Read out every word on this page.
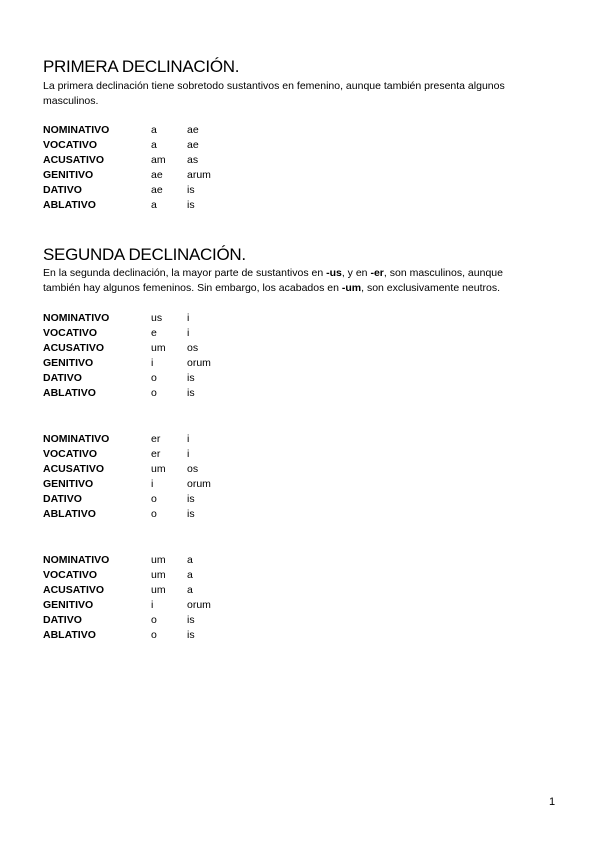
PRIMERA DECLINACIÓN.

La primera declinación tiene sobretodo sustantivos en femenino, aunque también presenta algunos masculinos.

NOMINATIVO	a	ae
VOCATIVO	a	ae
ACUSATIVO	am	as
GENITIVO	ae	arum
DATIVO	ae	is
ABLATIVO	a	is
SEGUNDA DECLINACIÓN.

En la segunda declinación, la mayor parte de sustantivos en -us, y en -er, son masculinos, aunque también hay algunos femeninos. Sin embargo, los acabados en -um, son exclusivamente neutros.

NOMINATIVO	us	i
VOCATIVO	e	i
ACUSATIVO	um	os
GENITIVO	i	orum
DATIVO	o	is
ABLATIVO	o	is
NOMINATIVO	er	i
VOCATIVO	er	i
ACUSATIVO	um	os
GENITIVO	i	orum
DATIVO	o	is
ABLATIVO	o	is
NOMINATIVO	um	a
VOCATIVO	um	a
ACUSATIVO	um	a
GENITIVO	i	orum
DATIVO	o	is
ABLATIVO	o	is
1
